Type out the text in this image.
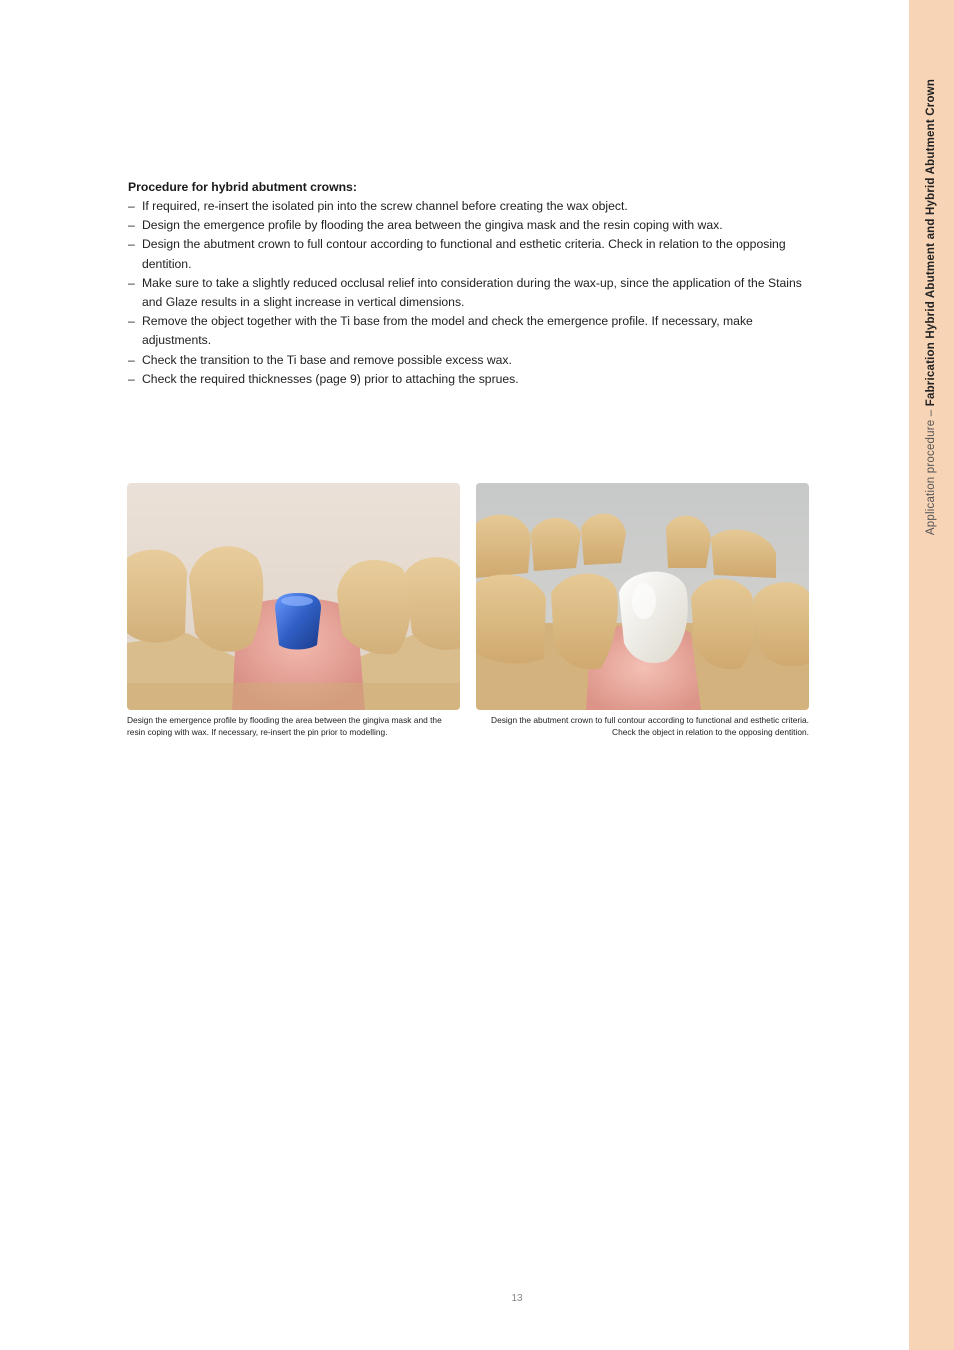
Application procedure – Fabrication Hybrid Abutment and Hybrid Abutment Crown

Procedure for hybrid abutment crowns:

– If required, re-insert the isolated pin into the screw channel before creating the wax object.
– Design the emergence profile by flooding the area between the gingiva mask and the resin coping with wax.
– Design the abutment crown to full contour according to functional and esthetic criteria. Check in relation to the opposing dentition.
– Make sure to take a slightly reduced occlusal relief into consideration during the wax-up, since the application of the Stains and Glaze results in a slight increase in vertical dimensions.
– Remove the object together with the Ti base from the model and check the emergence profile. If necessary, make adjustments.
– Check the transition to the Ti base and remove possible excess wax.
– Check the required thicknesses (page 9) prior to attaching the sprues.
Design the emergence profile by flooding the area between the gingiva mask and the resin coping with wax. If necessary, re-insert the pin prior to modelling.
Design the abutment crown to full contour according to functional and esthetic criteria. Check the object in relation to the opposing dentition.
13
